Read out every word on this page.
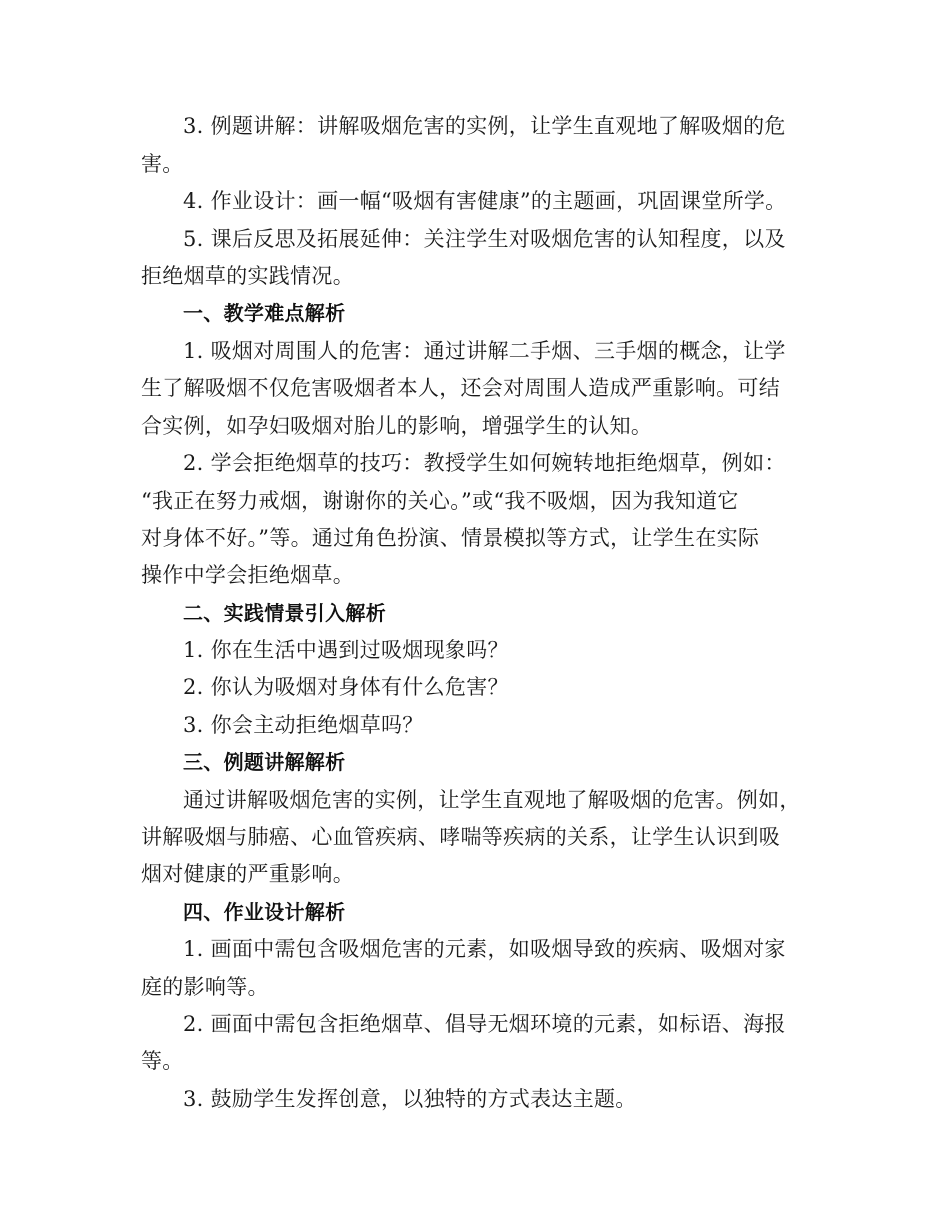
3. 例题讲解：讲解吸烟危害的实例，让学生直观地了解吸烟的危
害。
4. 作业设计：画一幅“吸烟有害健康”的主题画，巩固课堂所学。
5. 课后反思及拓展延伸：关注学生对吸烟危害的认知程度，以及
拒绝烟草的实践情况。
一、教学难点解析
1. 吸烟对周围人的危害：通过讲解二手烟、三手烟的概念，让学
生了解吸烟不仅危害吸烟者本人，还会对周围人造成严重影响。可结
合实例，如孕妇吸烟对胎儿的影响，增强学生的认知。
2. 学会拒绝烟草的技巧：教授学生如何婉转地拒绝烟草，例如：
“我正在努力戒烟，谢谢你的关心。”或“我不吸烟，因为我知道它
对身体不好。”等。通过角色扮演、情景模拟等方式，让学生在实际
操作中学会拒绝烟草。
二、实践情景引入解析
1. 你在生活中遇到过吸烟现象吗？
2. 你认为吸烟对身体有什么危害？
3. 你会主动拒绝烟草吗？
三、例题讲解解析
通过讲解吸烟危害的实例，让学生直观地了解吸烟的危害。例如，
讲解吸烟与肺癌、心血管疾病、哮喘等疾病的关系，让学生认识到吸
烟对健康的严重影响。
四、作业设计解析
1. 画面中需包含吸烟危害的元素，如吸烟导致的疾病、吸烟对家
庭的影响等。
2. 画面中需包含拒绝烟草、倡导无烟环境的元素，如标语、海报
等。
3. 鼓励学生发挥创意，以独特的方式表达主题。
